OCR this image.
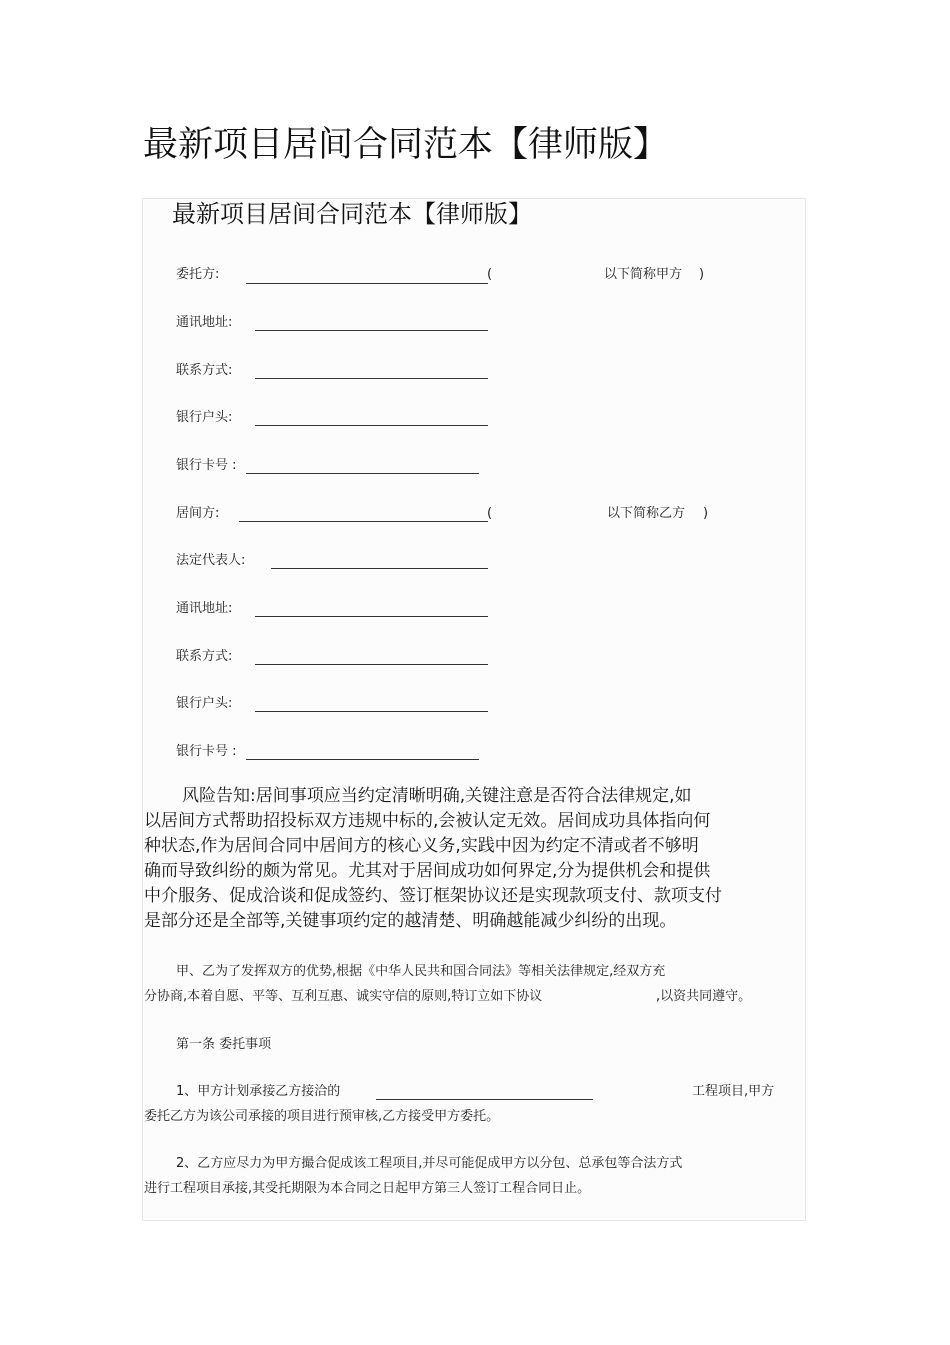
最新项目居间合同范本【律师版】
最新项目居间合同范本【律师版】
委托方:	(	以下简称甲方 )
通讯地址:
联系方式:
银行户头:
银行卡号 :
居间方:	(	以下简称乙方 )
法定代表人:
通讯地址:
联系方式:
银行户头:
银行卡号 :
风险告知:居间事项应当约定清晰明确,关键注意是否符合法律规定,如
以居间方式帮助招投标双方违规中标的,会被认定无效。居间成功具体指向何
种状态,作为居间合同中居间方的核心义务,实践中因为约定不清或者不够明
确而导致纠纷的颇为常见。尤其对于居间成功如何界定,分为提供机会和提供
中介服务、促成洽谈和促成签约、签订框架协议还是实现款项支付、款项支付
是部分还是全部等,关键事项约定的越清楚、明确越能减少纠纷的出现。
甲、乙为了发挥双方的优势,根据《中华人民共和国合同法》等相关法律规定,经双方充
分协商,本着自愿、平等、互利互惠、诚实守信的原则,特订立如下协议	,以资共同遵守。
第一条 委托事项
1、甲方计划承接乙方接洽的	工程项目,甲方
委托乙方为该公司承接的项目进行预审核,乙方接受甲方委托。
2、乙方应尽力为甲方撮合促成该工程项目,并尽可能促成甲方以分包、总承包等合法方式
进行工程项目承接,其受托期限为本合同之日起甲方第三人签订工程合同日止。
